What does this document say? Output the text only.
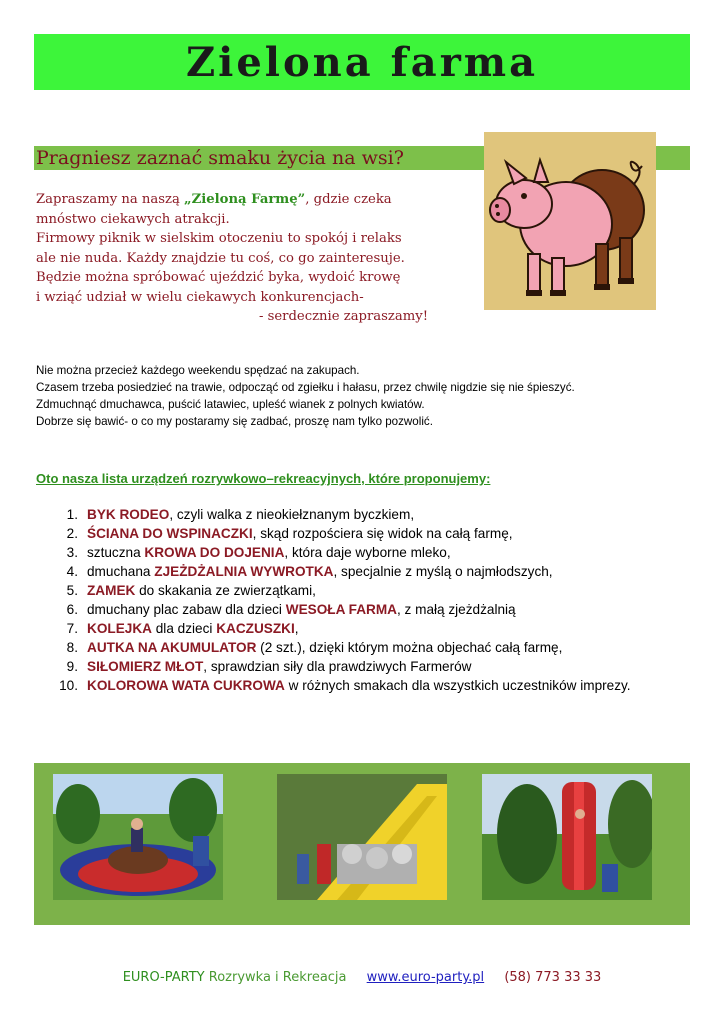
Zielona farma
Pragniesz zaznać smaku życia na wsi?
Zapraszamy na naszą „Zieloną Farmę”, gdzie czeka
mnóstwo ciekawych atrakcji.
Firmowy piknik w sielskim otoczeniu to spokój i relaks
ale nie nuda. Każdy znajdzie tu coś, co go zainteresuje.
Będzie można spróbować ujeździć byka, wydoić krowę
i wziąć udział w wielu ciekawych konkurencjach-
- serdecznie zapraszamy!
Nie można przecież każdego weekendu spędzać na zakupach.
Czasem trzeba posiedzieć na trawie, odpocząć od zgiełku i hałasu, przez chwilę nigdzie się nie śpieszyć.
Zdmuchnąć dmuchawca, puścić latawiec, upleść wianek z polnych kwiatów.
Dobrze się bawić- o co my postaramy się zadbać, proszę nam tylko pozwolić.
Oto nasza lista urządzeń rozrywkowo–rekreacyjnych, które proponujemy:
1. BYK RODEO, czyli walka z nieokiełznanym byczkiem,
2. ŚCIANA DO WSPINACZKI, skąd rozpościera się widok na całą farmę,
3. sztuczna KROWA DO DOJENIA, która daje wyborne mleko,
4. dmuchana ZJEŻDŻALNIA WYWROTKA, specjalnie z myślą o najmłodszych,
5. ZAMEK do skakania ze zwierzątkami,
6. dmuchany plac zabaw dla dzieci WESOŁA FARMA, z małą zjeżdżalnią
7. KOLEJKA dla dzieci KACZUSZKI,
8. AUTKA NA AKUMULATOR (2 szt.), dzięki którym można objechać całą farmę,
9. SIŁOMIERZ MŁOT, sprawdzian siły dla prawdziwych Farmerów
10. KOLOROWA WATA CUKROWA w różnych smakach dla wszystkich uczestników imprezy.
EURO-PARTY Rozrywka i Rekreacja www.euro-party.pl (58) 773 33 33
